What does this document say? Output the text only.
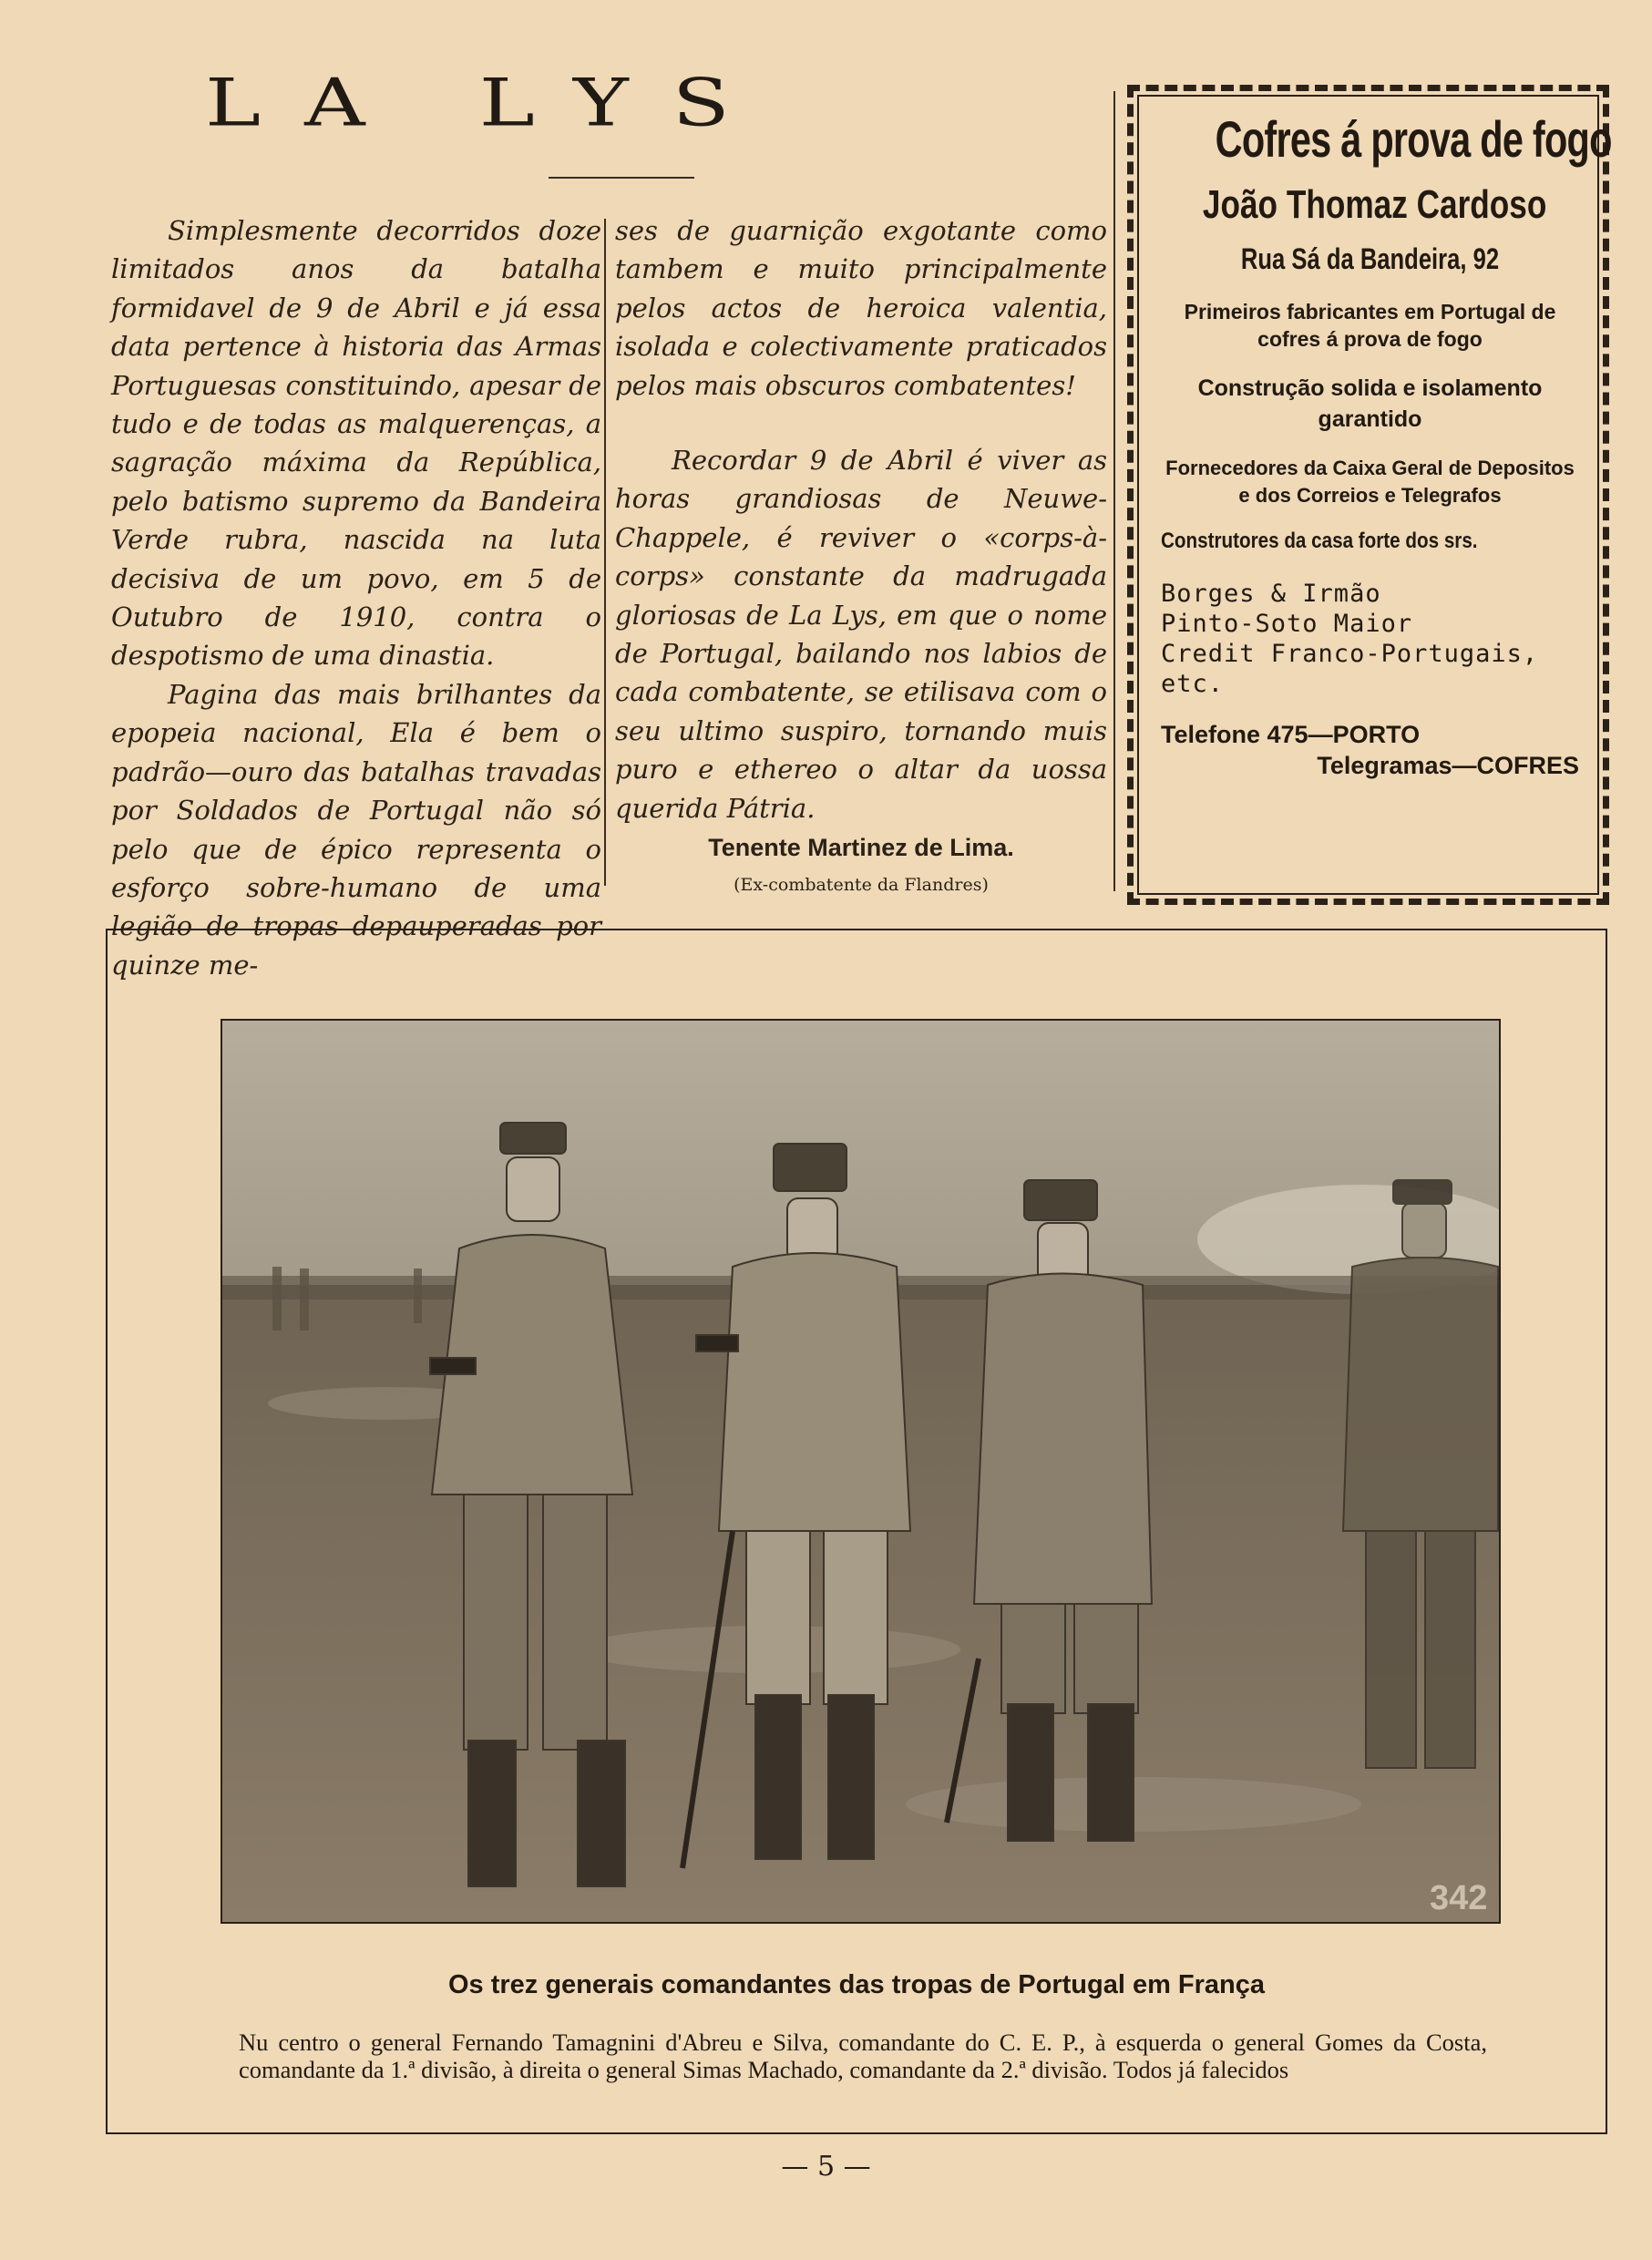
LA LYS

Simplesmente decorridos doze limitados anos da batalha formidavel de 9 de Abril e já essa data pertence à historia das Armas Portuguesas constituindo, apesar de tudo e de todas as malquerenças, a sagração máxima da República, pelo batismo supremo da Bandeira Verde rubra, nascida na luta decisiva de um povo, em 5 de Outubro de 1910, contra o despotismo de uma dinastia.

Pagina das mais brilhantes da epopeia nacional, Ela é bem o padrão—ouro das batalhas travadas por Soldados de Portugal não só pelo que de épico representa o esforço sobre-humano de uma legião de tropas depauperadas por quinze me-

ses de guarnição exgotante como tambem e muito principalmente pelos actos de heroica valentia, isolada e colectivamente praticados pelos mais obscuros combatentes!

Recordar 9 de Abril é viver as horas grandiosas de Neuwe-Chappele, é reviver o «corps-à-corps» constante da madrugada gloriosas de La Lys, em que o nome de Portugal, bailando nos labios de cada combatente, se etilisava com o seu ultimo suspiro, tornando muis puro e ethereo o altar da uossa querida Pátria.

Tenente Martinez de Lima.
(Ex-combatente da Flandres)
Cofres á prova de fogo
João Thomaz Cardoso
Rua Sá da Bandeira, 92
Primeiros fabricantes em Portugal de cofres á prova de fogo
Construção solida e isolamento garantido
Fornecedores da Caixa Geral de Depositos e dos Correios e Telegrafos
Construtores da casa forte dos srs.
Borges & Irmão
Pinto-Soto Maior
Credit Franco-Portugais, etc.
Telefone 475—PORTO
Telegramas—COFRES
342
Os trez generais comandantes das tropas de Portugal em França
Nu centro o general Fernando Tamagnini d'Abreu e Silva, comandante do C. E. P., à esquerda o general Gomes da Costa, comandante da 1.ª divisão, à direita o general Simas Machado, comandante da 2.ª divisão. Todos já falecidos
— 5 —
